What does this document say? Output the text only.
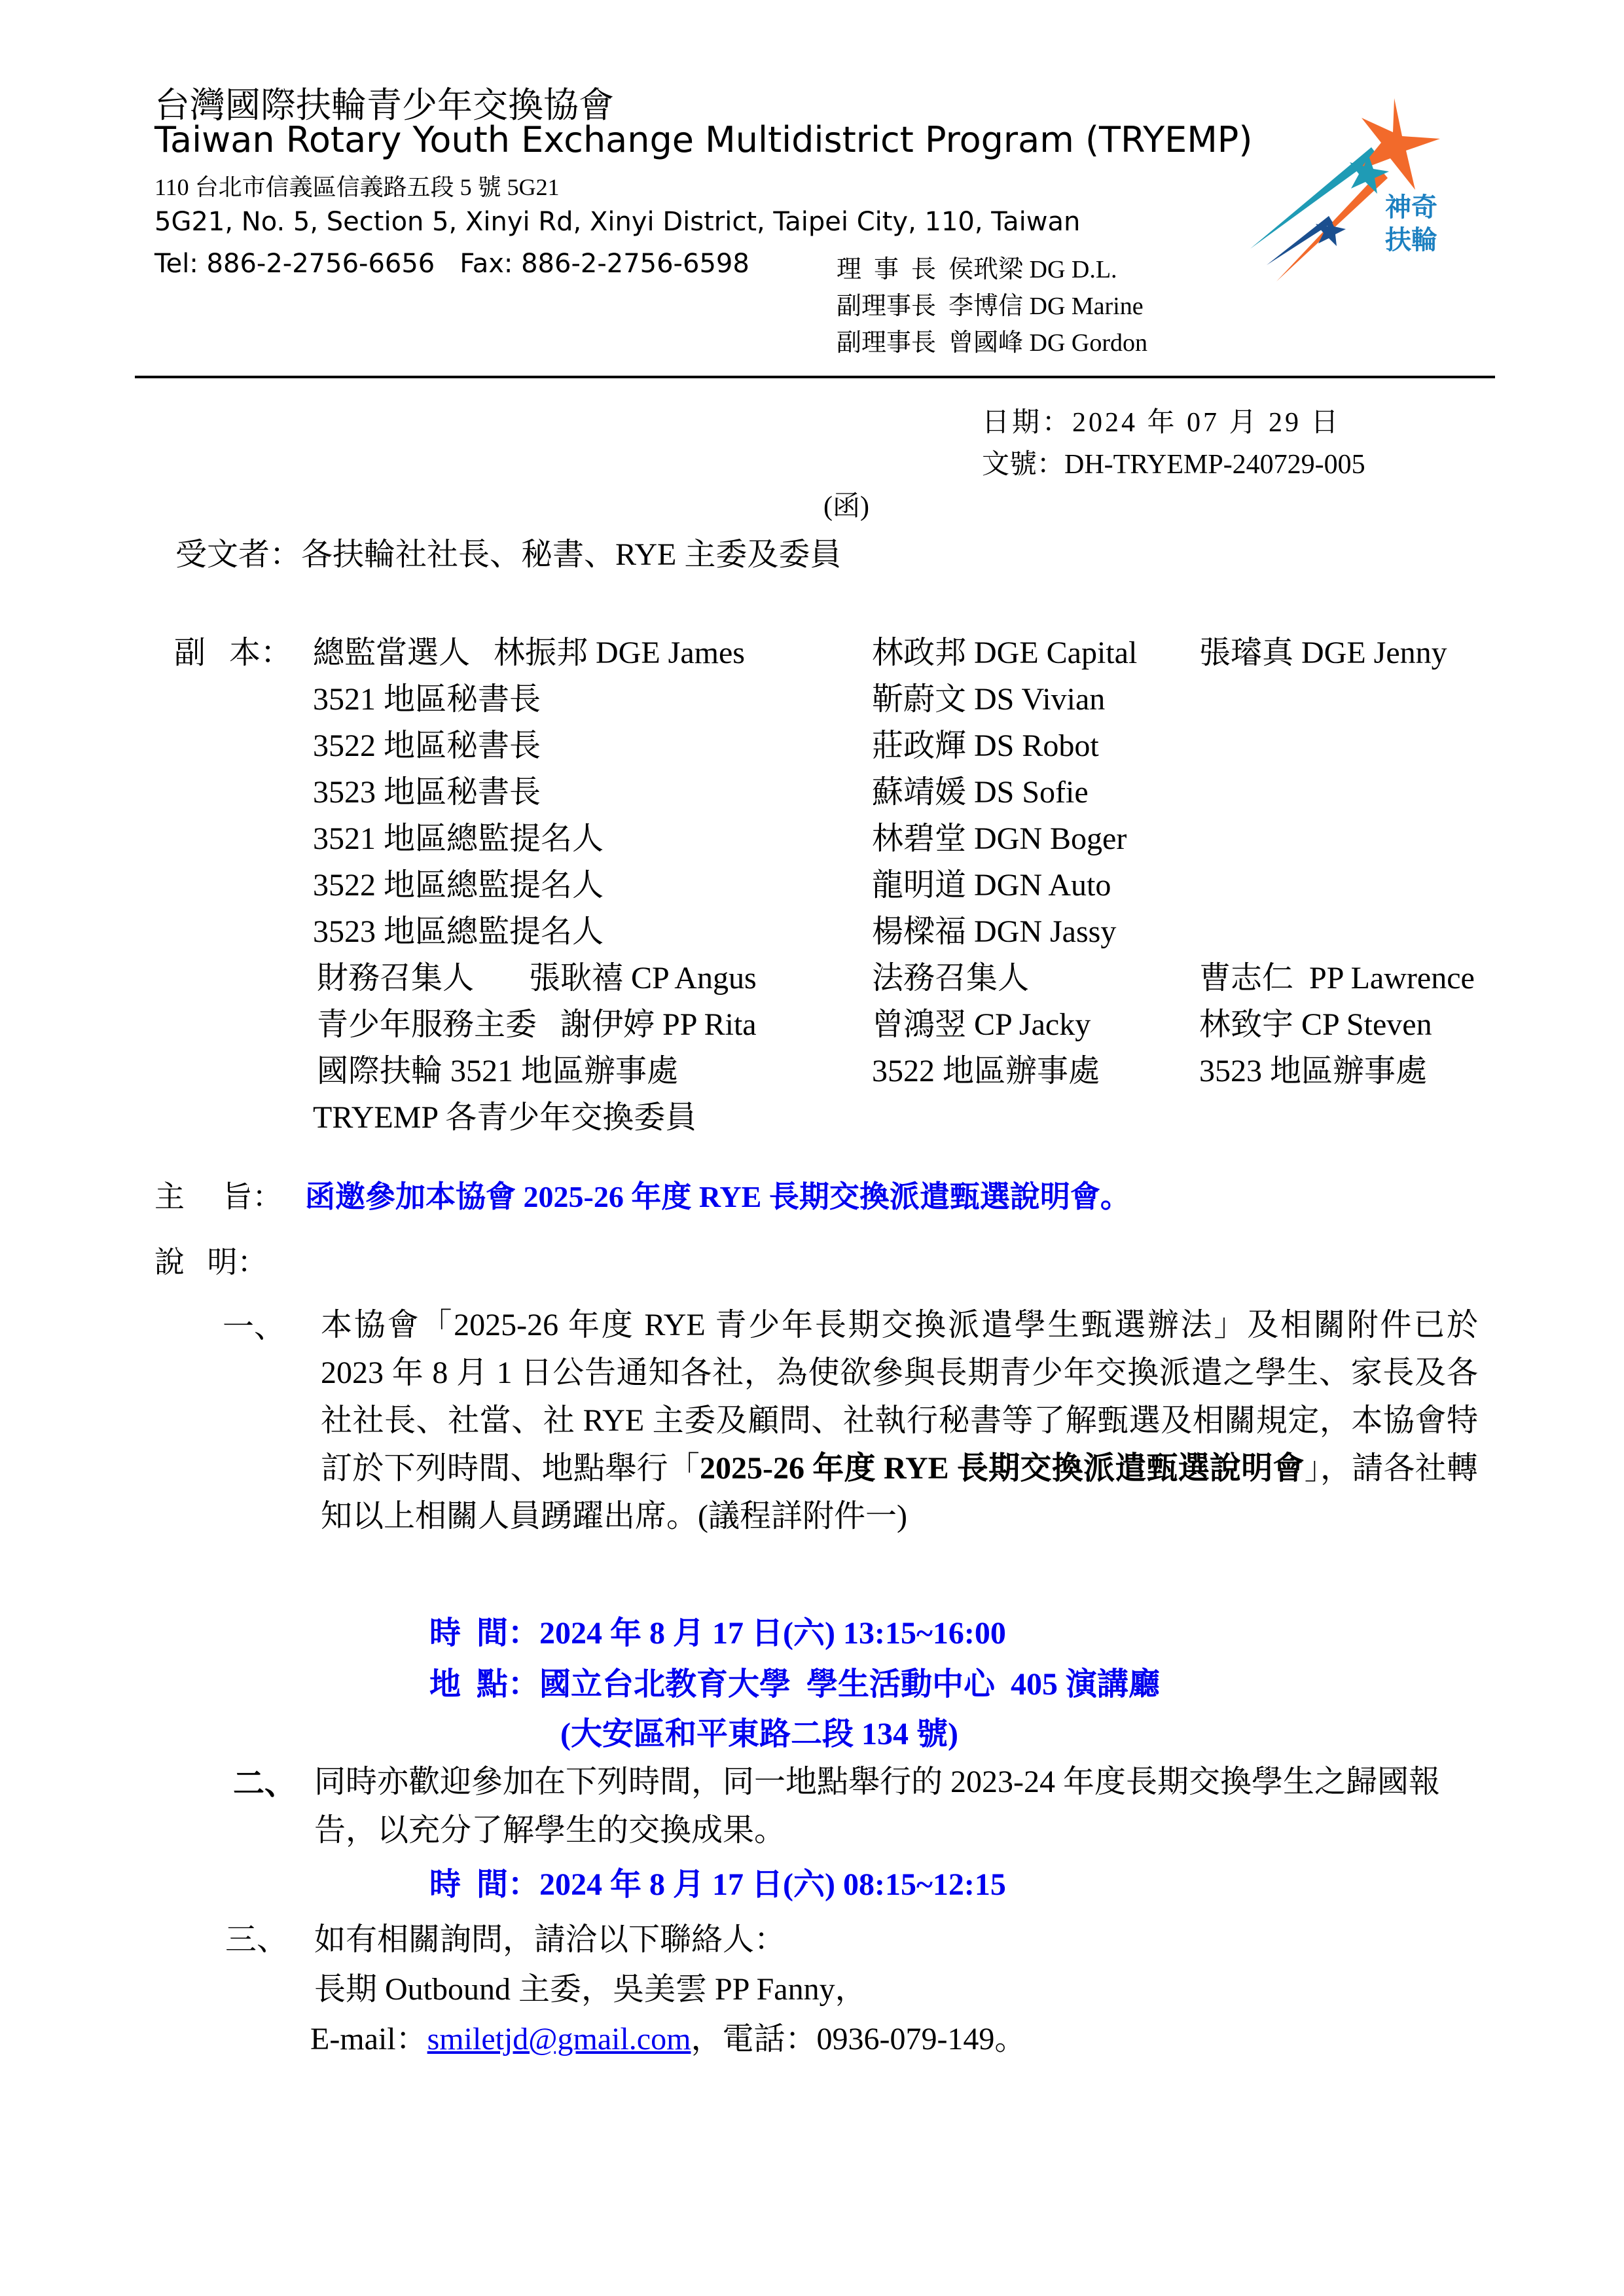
台灣國際扶輪青少年交換協會
Taiwan Rotary Youth Exchange Multidistrict Program (TRYEMP)
110 台北市信義區信義路五段 5 號 5G21
5G21, No. 5, Section 5, Xinyi Rd, Xinyi District, Taipei City, 110, Taiwan
Tel: 886-2-2756-6656   Fax: 886-2-2756-6598	理  事  長  侯玳梁 DG D.L.
副理事長  李博信 DG Marine
副理事長  曾國峰 DG Gordon
神奇
扶輪
日期：2024 年 07 月 29 日
文號：DH-TRYEMP-240729-005
(函)
受文者：各扶輪社社長、秘書、RYE 主委及委員
副   本： 總監當選人   林振邦 DGE James	林政邦 DGE Capital 張璿真 DGE Jenny
3521 地區秘書長	靳蔚文 DS Vivian
3522 地區秘書長	莊政輝 DS Robot
3523 地區秘書長	蘇靖媛 DS Sofie
3521 地區總監提名人	林碧堂 DGN Boger
3522 地區總監提名人	龍明道 DGN Auto
3523 地區總監提名人	楊樑福 DGN Jassy
財務召集人       張耿禧 CP Angus	法務召集人	曹志仁  PP Lawrence
青少年服務主委   謝伊婷 PP Rita	曾鴻翌 CP Jacky	林致宇 CP Steven
國際扶輪 3521 地區辦事處	3522 地區辦事處	3523 地區辦事處
TRYEMP 各青少年交換委員
主     旨： 函邀參加本協會 2025-26 年度 RYE 長期交換派遣甄選說明會。
說   明：
一、 本協會「2025-26 年度 RYE 青少年長期交換派遣學生甄選辦法」及相關附件已於 2023 年 8 月 1 日公告通知各社，為使欲參與長期青少年交換派遣之學生、家長及各社社長、社當、社 RYE 主委及顧問、社執行秘書等了解甄選及相關規定，本協會特訂於下列時間、地點舉行「2025-26 年度 RYE 長期交換派遣甄選說明會」，請各社轉知以上相關人員踴躍出席。(議程詳附件一)
時  間：2024 年 8 月 17 日(六) 13:15~16:00
地  點：國立台北教育大學  學生活動中心  405 演講廳
(大安區和平東路二段 134 號)
二、 同時亦歡迎參加在下列時間，同一地點舉行的 2023-24 年度長期交換學生之歸國報告，以充分了解學生的交換成果。
時  間：2024 年 8 月 17 日(六) 08:15~12:15
三、 如有相關詢問，請洽以下聯絡人：
長期 Outbound 主委，吳美雲 PP Fanny，
E-mail：smiletjd@gmail.com，電話：0936-079-149。
